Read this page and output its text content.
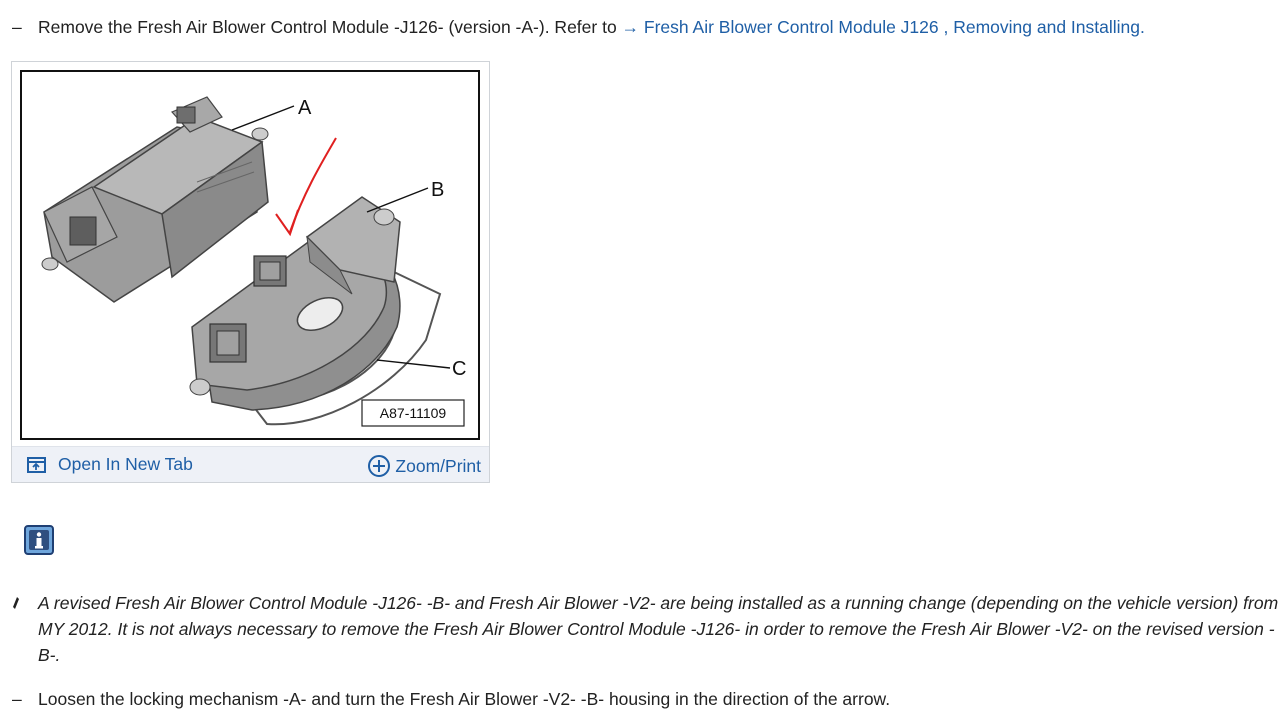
– Remove the Fresh Air Blower Control Module -J126- (version -A-). Refer to → Fresh Air Blower Control Module J126 , Removing and Installing.
A
B
C
A87-11109
Open In New Tab	Zoom/Print
A revised Fresh Air Blower Control Module -J126- -B- and Fresh Air Blower -V2- are being installed as a running change (depending on the vehicle version) from MY 2012. It is not always necessary to remove the Fresh Air Blower Control Module -J126- in order to remove the Fresh Air Blower -V2- on the revised version -B-.
– Loosen the locking mechanism -A- and turn the Fresh Air Blower -V2- -B- housing in the direction of the arrow.
